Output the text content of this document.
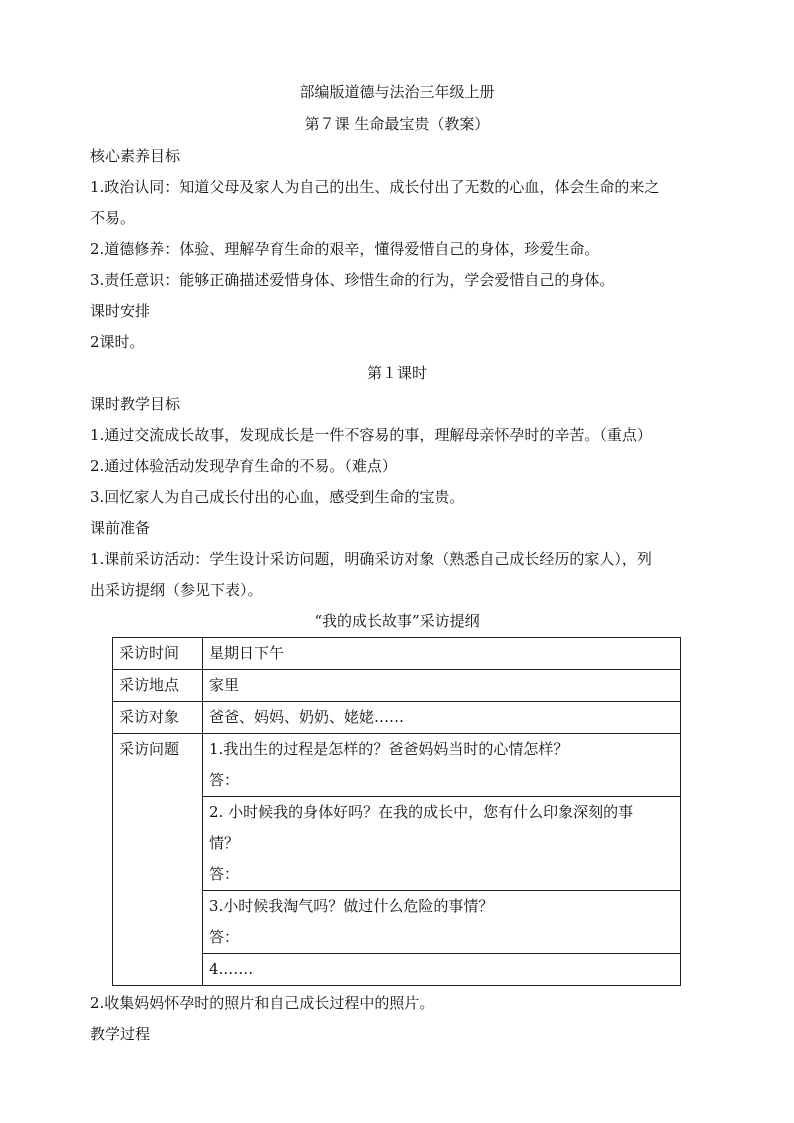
部编版道德与法治三年级上册
第７课 生命最宝贵（教案）
核心素养目标
1.政治认同：知道父母及家人为自己的出生、成长付出了无数的心血，体会生命的来之
不易。
2.道德修养：体验、理解孕育生命的艰辛，懂得爱惜自己的身体，珍爱生命。
3.责任意识：能够正确描述爱惜身体、珍惜生命的行为，学会爱惜自己的身体。
课时安排
2课时。
第１课时
课时教学目标
1.通过交流成长故事，发现成长是一件不容易的事，理解母亲怀孕时的辛苦。（重点）
2.通过体验活动发现孕育生命的不易。（难点）
3.回忆家人为自己成长付出的心血，感受到生命的宝贵。
课前准备
1.课前采访活动：学生设计采访问题，明确采访对象（熟悉自己成长经历的家人），列
出采访提纲（参见下表）。
“我的成长故事”采访提纲
采访时间	星期日下午
采访地点	家里
采访对象	爸爸、妈妈、奶奶、姥姥……
采访问题	1.我出生的过程是怎样的？爸爸妈妈当时的心情怎样？
答：

	2. 小时候我的身体好吗？在我的成长中，您有什么印象深刻的事
情？
答：

	3.小时候我淘气吗？做过什么危险的事情？
答：

	4.……
2.收集妈妈怀孕时的照片和自己成长过程中的照片。
教学过程
